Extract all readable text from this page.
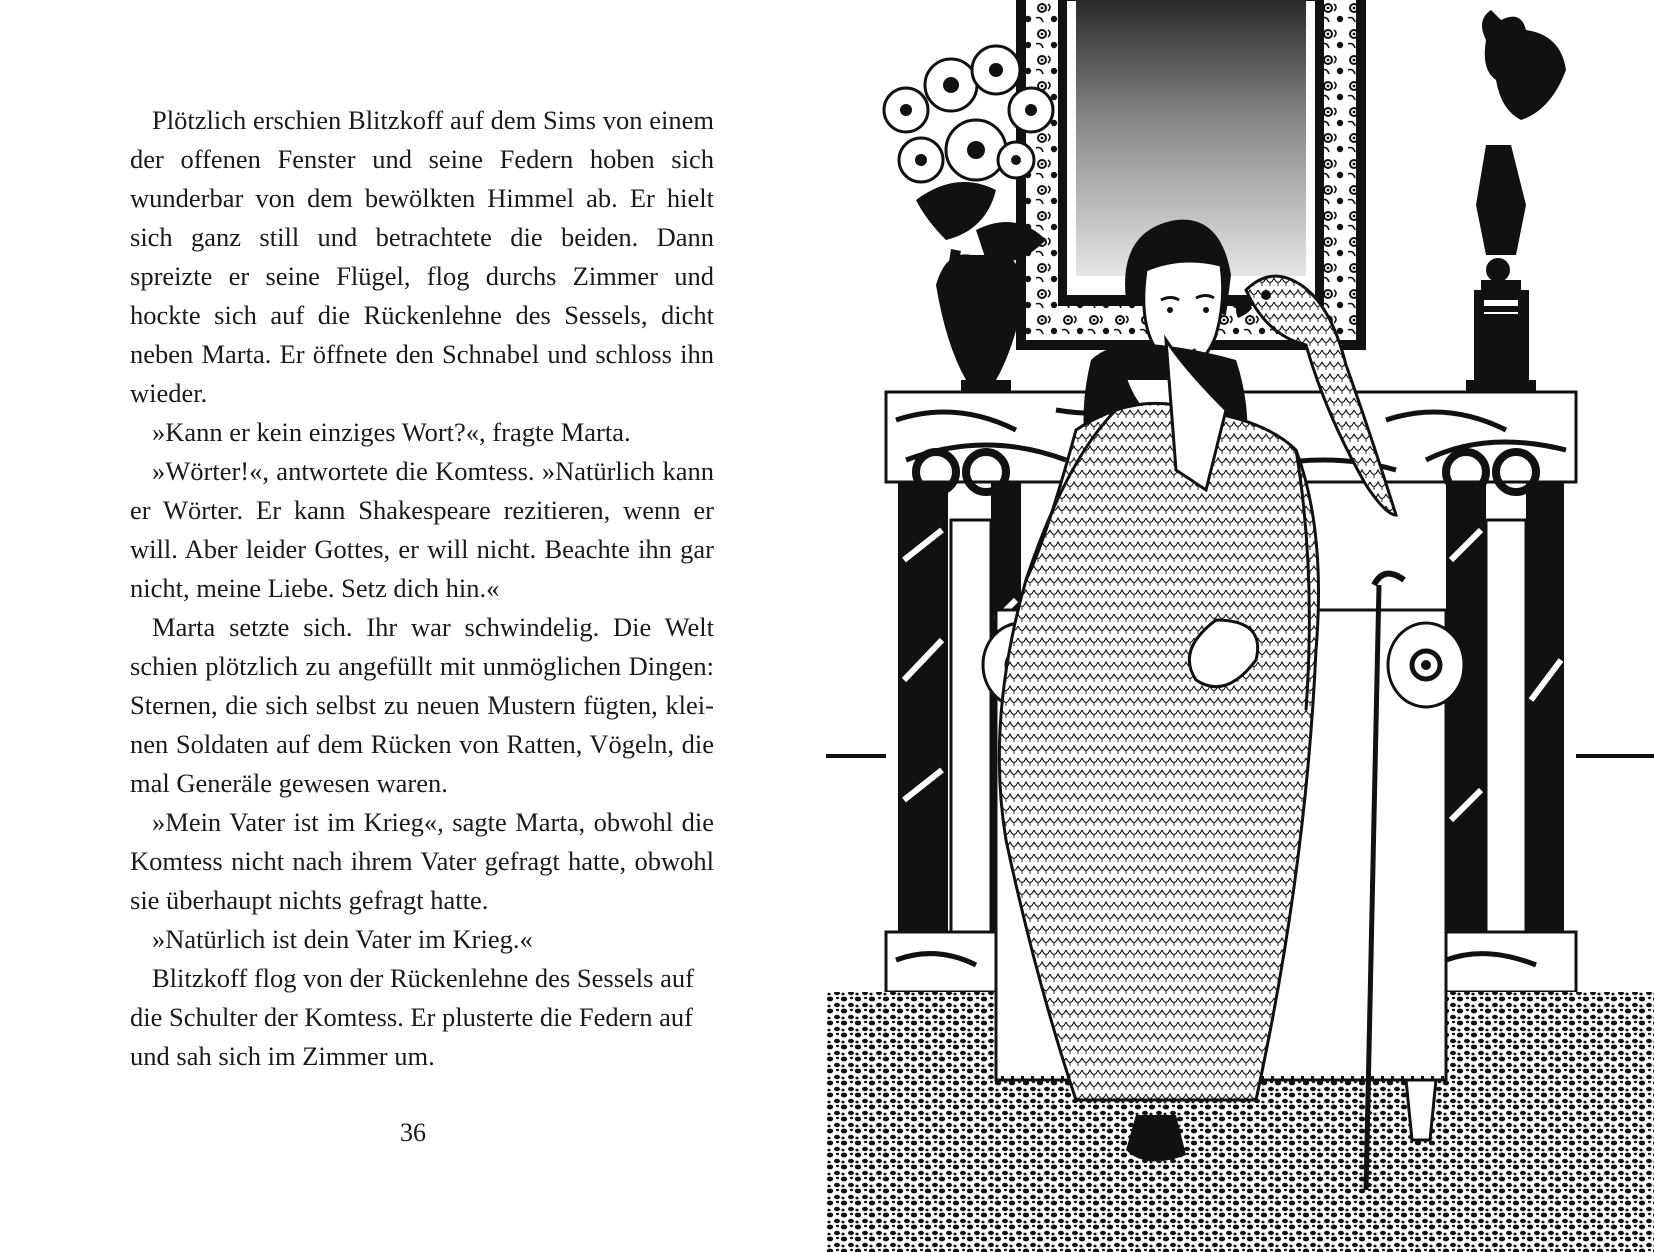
Plötzlich erschien Blitzkoff auf dem Sims von einem der offenen Fenster und seine Federn hoben sich wunderbar von dem bewölkten Himmel ab. Er hielt sich ganz still und betrachtete die beiden. Dann spreizte er seine Flügel, flog durchs Zimmer und hockte sich auf die Rückenlehne des Sessels, dicht neben Marta. Er öffnete den Schnabel und schloss ihn wieder.

»Kann er kein einziges Wort?«, fragte Marta.

»Wörter!«, antwortete die Komtess. »Natürlich kann er Wörter. Er kann Shakespeare rezitieren, wenn er will. Aber leider Gottes, er will nicht. Beachte ihn gar nicht, meine Liebe. Setz dich hin.«

Marta setzte sich. Ihr war schwindelig. Die Welt schien plötzlich zu angefüllt mit unmöglichen Dingen: Sternen, die sich selbst zu neuen Mustern fügten, kleinen Soldaten auf dem Rücken von Ratten, Vögeln, die mal Generäle gewesen waren.

»Mein Vater ist im Krieg«, sagte Marta, obwohl die Komtess nicht nach ihrem Vater gefragt hatte, obwohl sie überhaupt nichts gefragt hatte.

»Natürlich ist dein Vater im Krieg.«

Blitzkoff flog von der Rückenlehne des Sessels auf die Schulter der Komtess. Er plusterte die Federn auf und sah sich im Zimmer um.

36
